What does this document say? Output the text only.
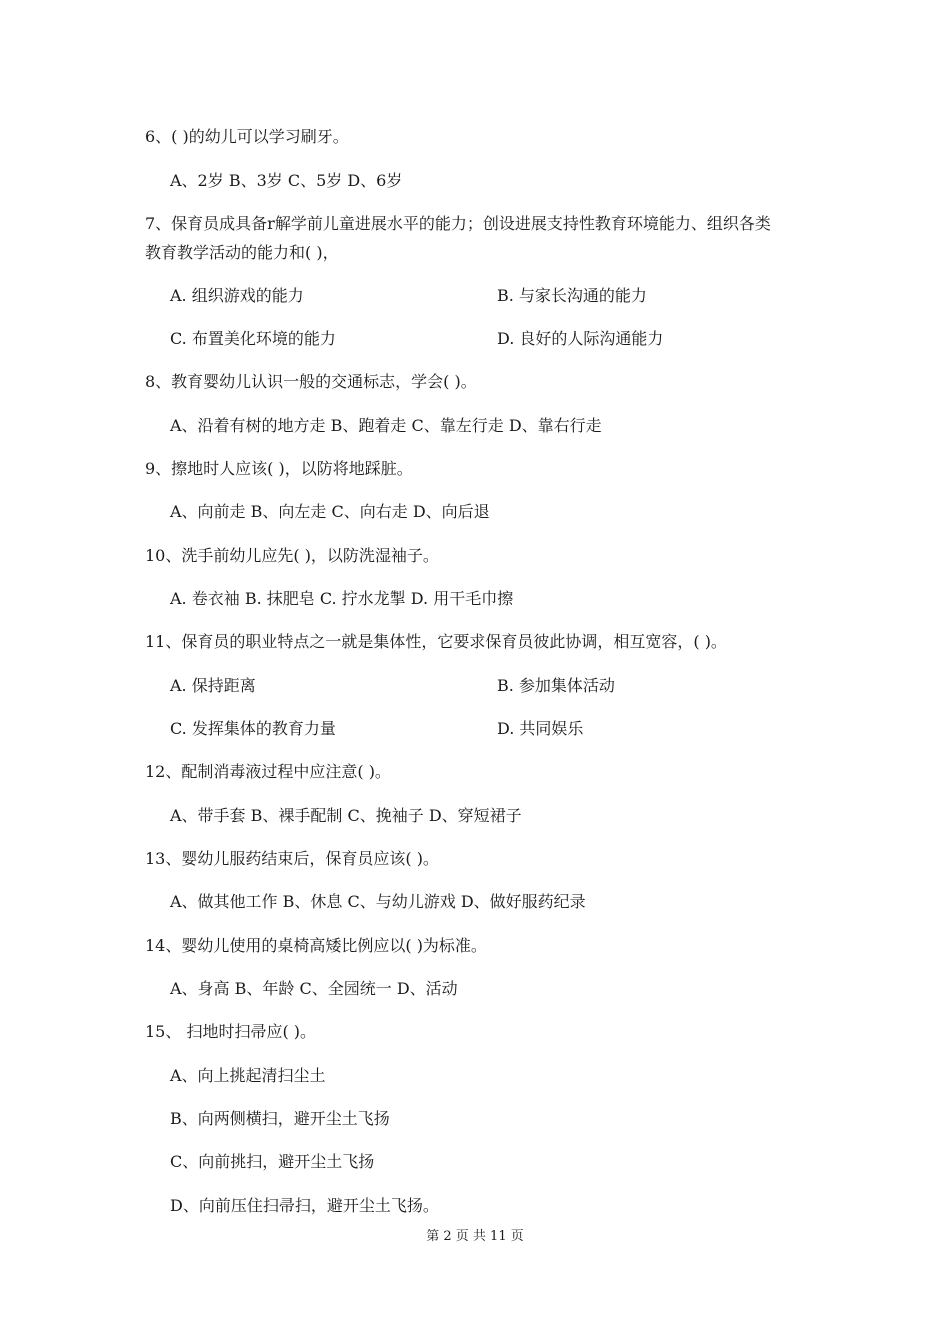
6、( )的幼儿可以学习刷牙。
A、2岁 B、3岁 C、5岁 D、6岁
7、保育员成具备r解学前儿童进展水平的能力；创设进展支持性教育环境能力、组织各类
教育教学活动的能力和( )，
A. 组织游戏的能力	B. 与家长沟通的能力
C. 布置美化环境的能力	D. 良好的人际沟通能力
8、教育婴幼儿认识一般的交通标志，学会( )。
A、沿着有树的地方走 B、跑着走 C、靠左行走 D、靠右行走
9、擦地时人应该( )，以防将地踩脏。
A、向前走 B、向左走 C、向右走 D、向后退
10、洗手前幼儿应先( )，以防洗湿袖子。
A. 卷衣袖 B. 抹肥皂 C. 拧水龙掣 D. 用干毛巾擦
11、保育员的职业特点之一就是集体性，它要求保育员彼此协调，相互宽容，( )。
A. 保持距离	B. 参加集体活动
C. 发挥集体的教育力量	D. 共同娱乐
12、配制消毒液过程中应注意( )。
A、带手套 B、裸手配制 C、挽袖子 D、穿短裙子
13、婴幼儿服药结束后，保育员应该( )。
A、做其他工作 B、休息 C、与幼儿游戏 D、做好服药纪录
14、婴幼儿使用的桌椅高矮比例应以( )为标准。
A、身高 B、年龄 C、全园统一 D、活动
15、 扫地时扫帚应( )。
A、向上挑起清扫尘土
B、向两侧横扫，避开尘土飞扬
C、向前挑扫，避开尘土飞扬
D、向前压住扫帚扫，避开尘土飞扬。
第 2 页 共 11 页
